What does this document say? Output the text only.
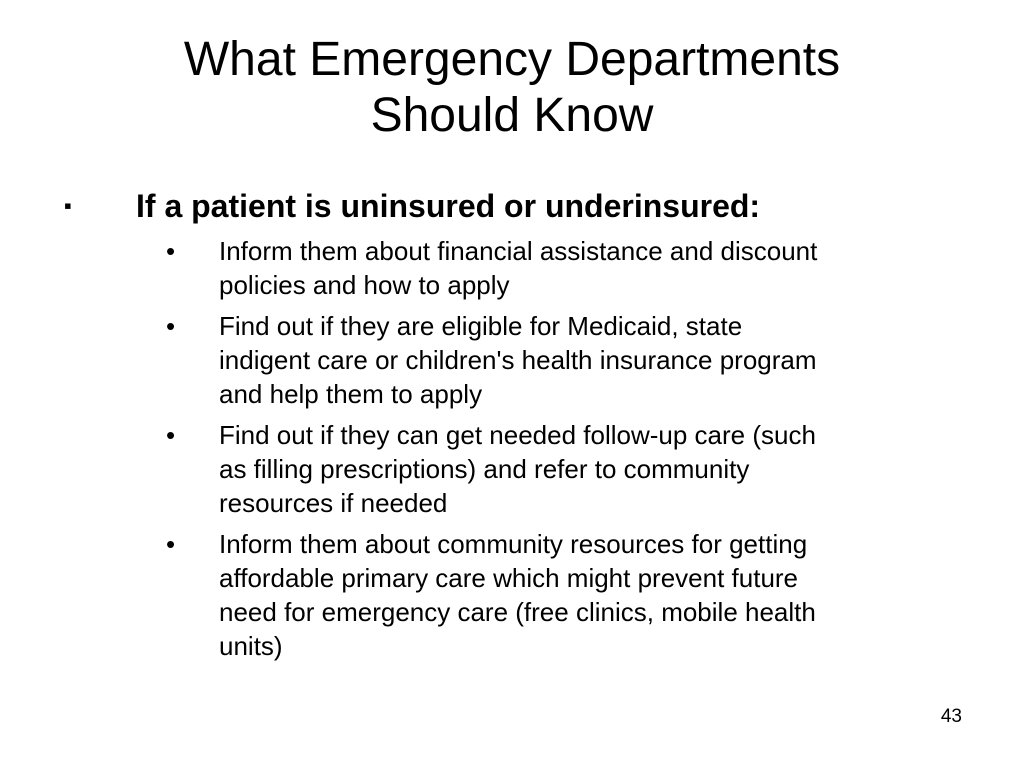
What Emergency Departments
Should Know
▪ If a patient is uninsured or underinsured:
• Inform them about financial assistance and discount
policies and how to apply
• Find out if they are eligible for Medicaid, state
indigent care or children's health insurance program
and help them to apply
• Find out if they can get needed follow-up care (such
as filling prescriptions) and refer to community
resources if needed
• Inform them about community resources for getting
affordable primary care which might prevent future
need for emergency care (free clinics, mobile health
units)
43
